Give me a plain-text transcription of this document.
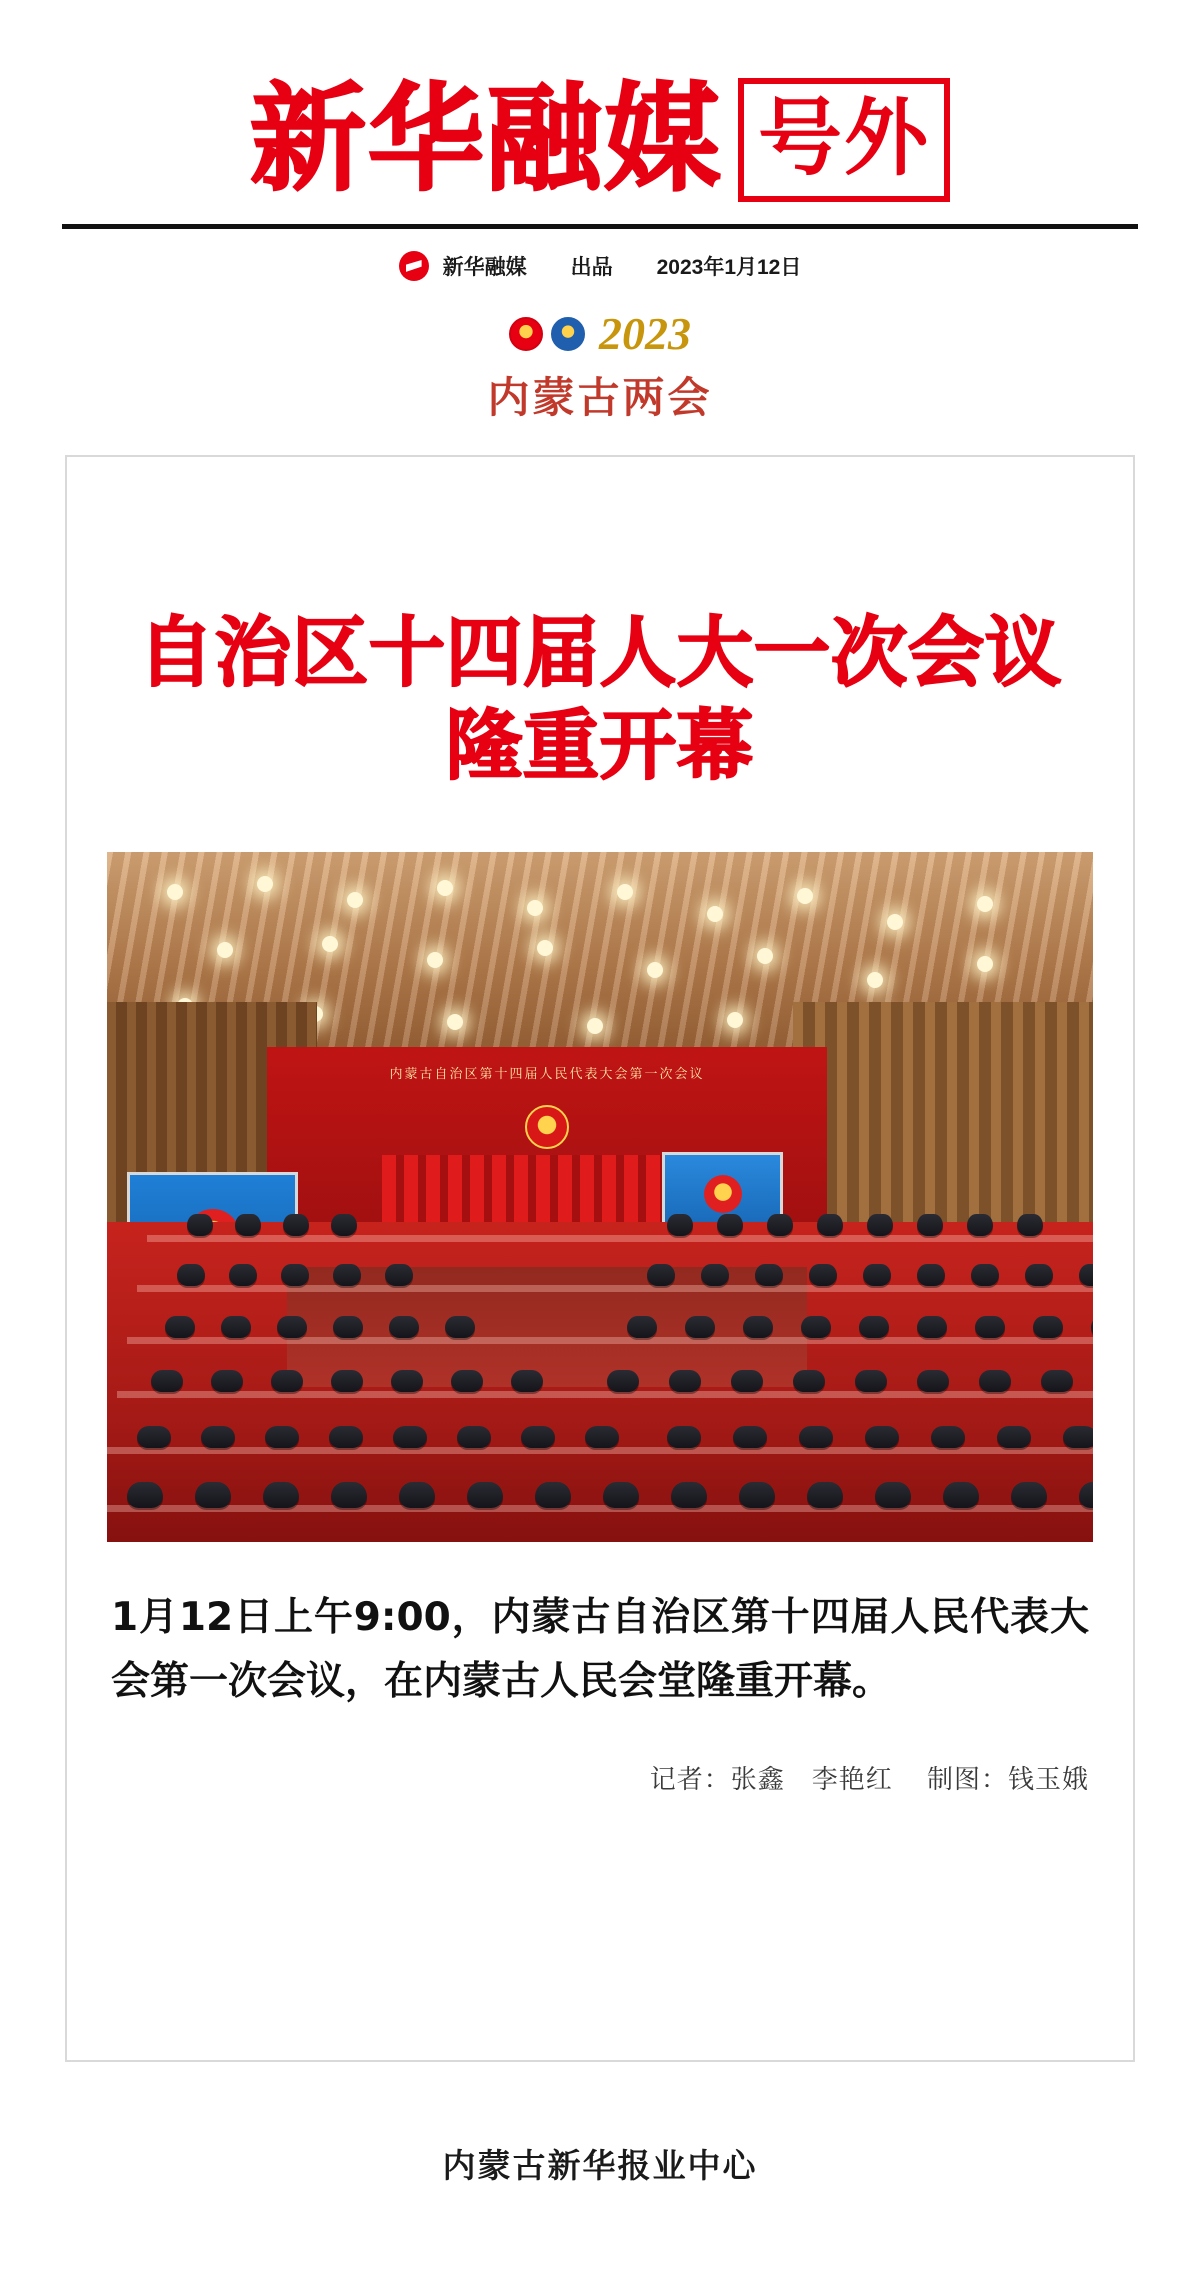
新华融媒 号外
新华融媒 出品 2023年1月12日
2023
内蒙古两会
自治区十四届人大一次会议
隆重开幕
内蒙古自治区第十四届人民代表大会第一次会议
1月12日上午9:00，内蒙古自治区第十四届人民代表大会第一次会议，在内蒙古人民会堂隆重开幕。
记者：张鑫　李艳红 制图：钱玉娥
内蒙古新华报业中心
